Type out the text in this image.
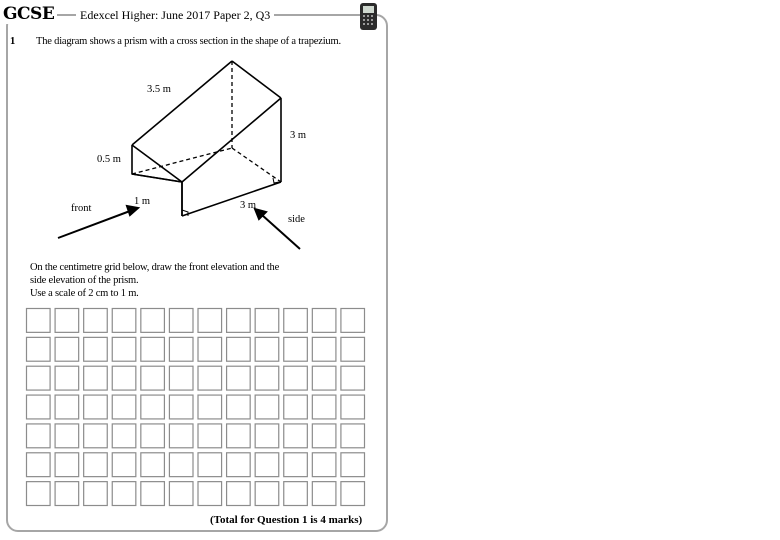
GCSE	Edexcel Higher: June 2017 Paper 2, Q3
1 The diagram shows a prism with a cross section in the shape of a trapezium.
3.5 m
3 m
0.5 m
1 m	3 m
front
side
On the centimetre grid below, draw the front elevation and the
side elevation of the prism.
Use a scale of 2 cm to 1 m.
(Total for Question 1 is 4 marks)
